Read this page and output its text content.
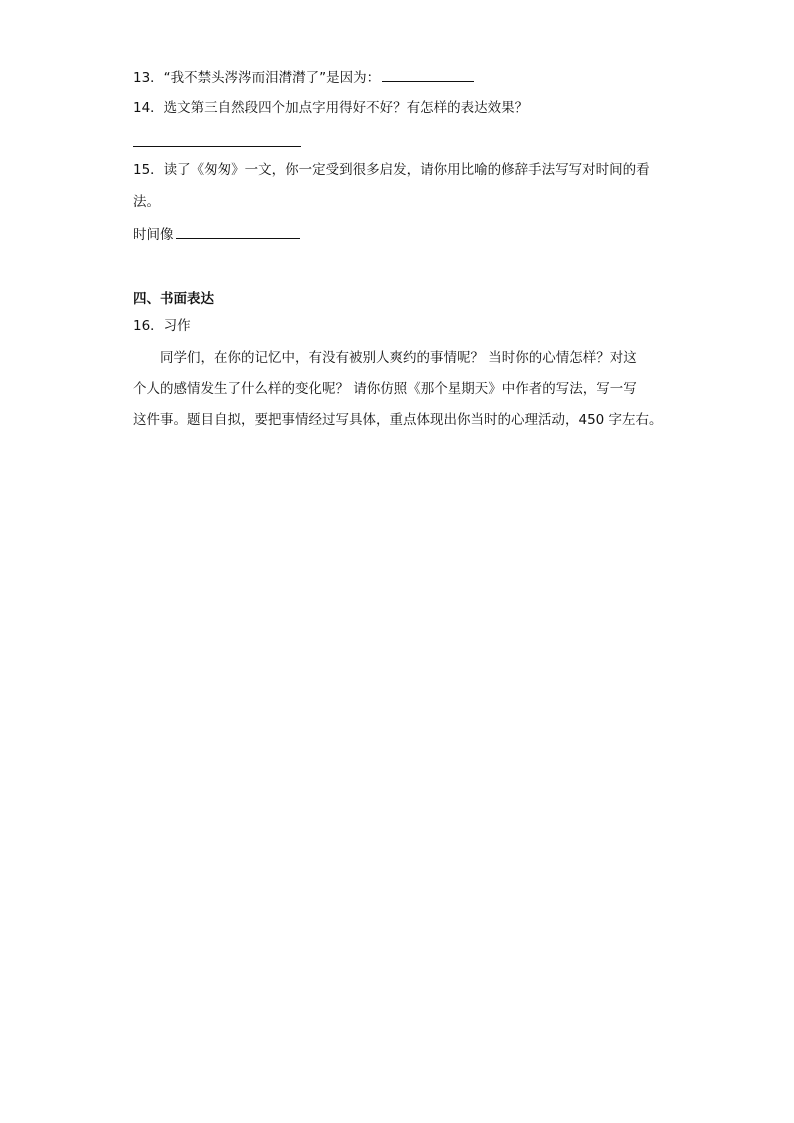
13．“我不禁头涔涔而泪潸潸了”是因为：
14．选文第三自然段四个加点字用得好不好？有怎样的表达效果？
15．读了《匆匆》一文，你一定受到很多启发，请你用比喻的修辞手法写写对时间的看
法。
时间像
四、书面表达
16．习作
同学们，在你的记忆中，有没有被别人爽约的事情呢？ 当时你的心情怎样？对这
个人的感情发生了什么样的变化呢？ 请你仿照《那个星期天》中作者的写法，写一写
这件事。题目自拟，要把事情经过写具体，重点体现出你当时的心理活动，450 字左右。
